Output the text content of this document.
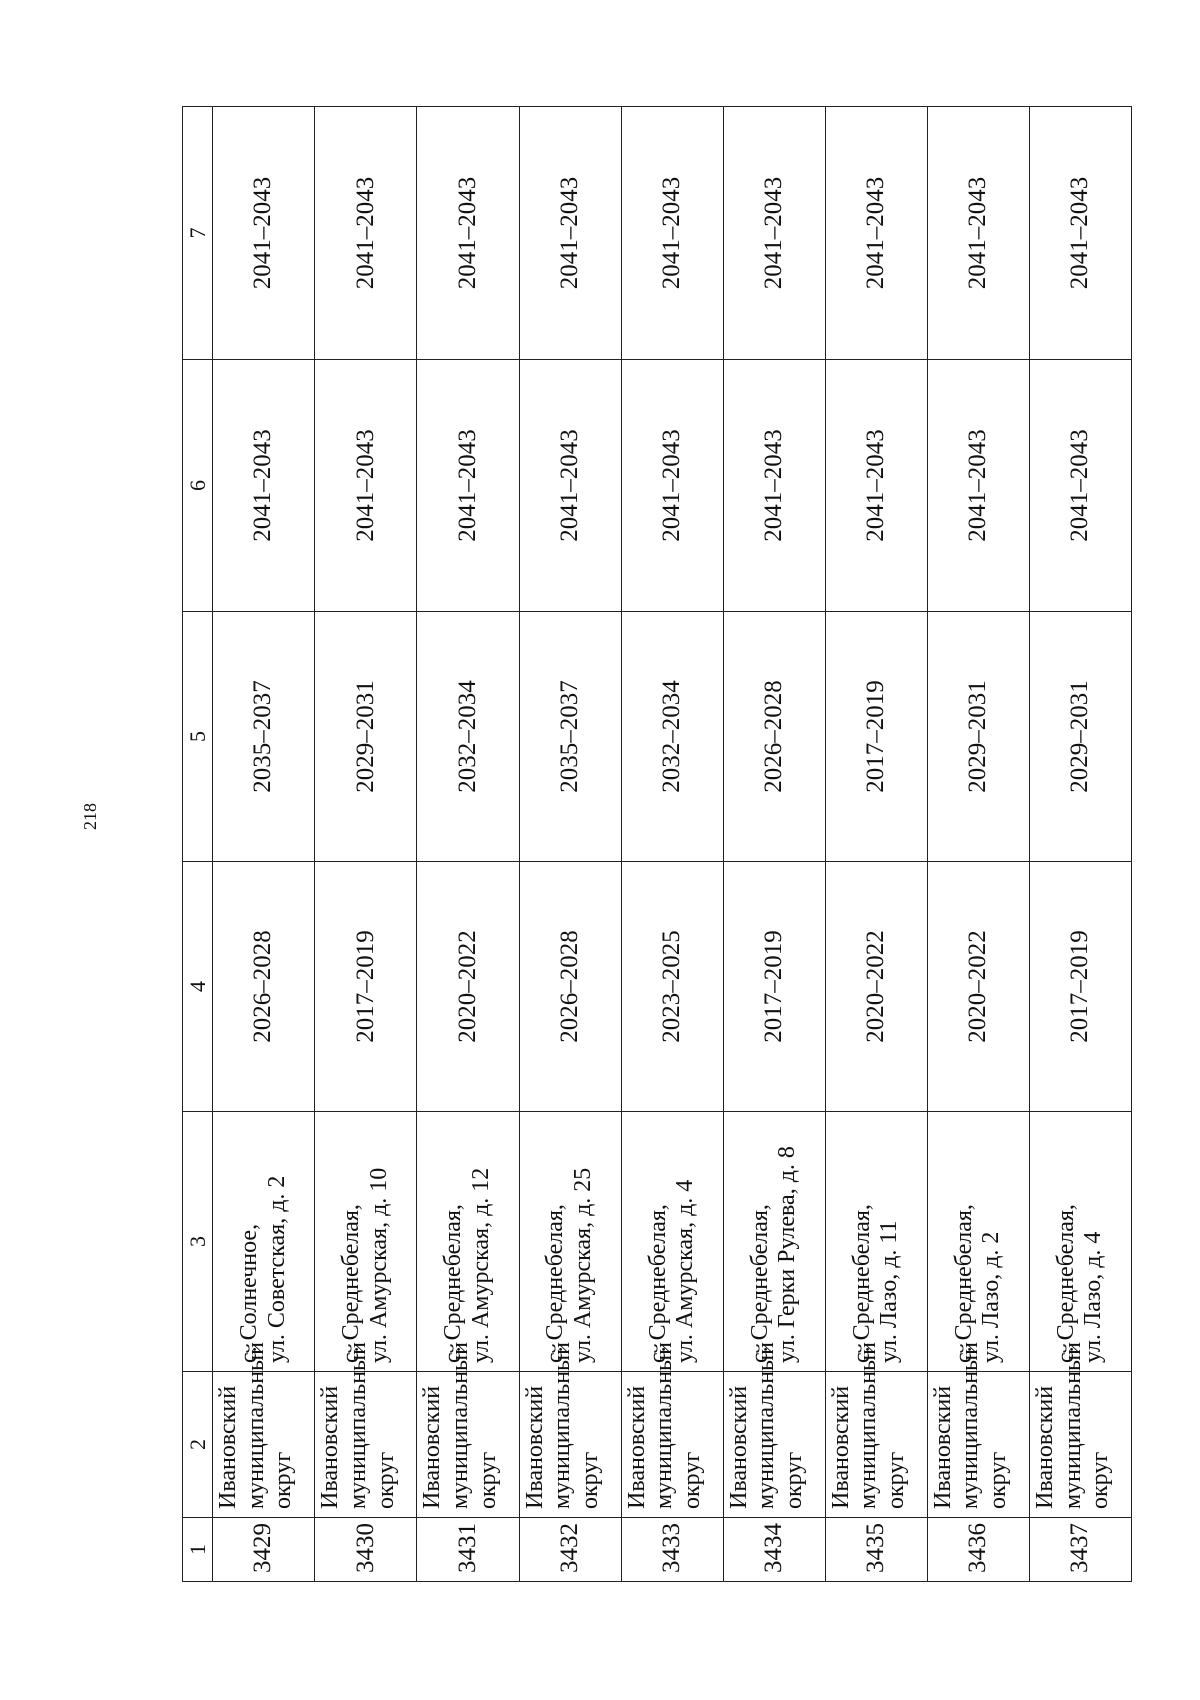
218
1	2	3	4	5	6	7
3429	Ивановский муниципальный округ	с. Солнечное, ул. Советская, д. 2	2026–2028	2035–2037	2041–2043	2041–2043
3430	Ивановский муниципальный округ	с. Среднебелая, ул. Амурская, д. 10	2017–2019	2029–2031	2041–2043	2041–2043
3431	Ивановский муниципальный округ	с. Среднебелая, ул. Амурская, д. 12	2020–2022	2032–2034	2041–2043	2041–2043
3432	Ивановский муниципальный округ	с. Среднебелая, ул. Амурская, д. 25	2026–2028	2035–2037	2041–2043	2041–2043
3433	Ивановский муниципальный округ	с. Среднебелая, ул. Амурская, д. 4	2023–2025	2032–2034	2041–2043	2041–2043
3434	Ивановский муниципальный округ	с. Среднебелая, ул. Герки Рулева, д. 8	2017–2019	2026–2028	2041–2043	2041–2043
3435	Ивановский муниципальный округ	с. Среднебелая, ул. Лазо, д. 11	2020–2022	2017–2019	2041–2043	2041–2043
3436	Ивановский муниципальный округ	с. Среднебелая, ул. Лазо, д. 2	2020–2022	2029–2031	2041–2043	2041–2043
3437	Ивановский муниципальный округ	с. Среднебелая, ул. Лазо, д. 4	2017–2019	2029–2031	2041–2043	2041–2043
